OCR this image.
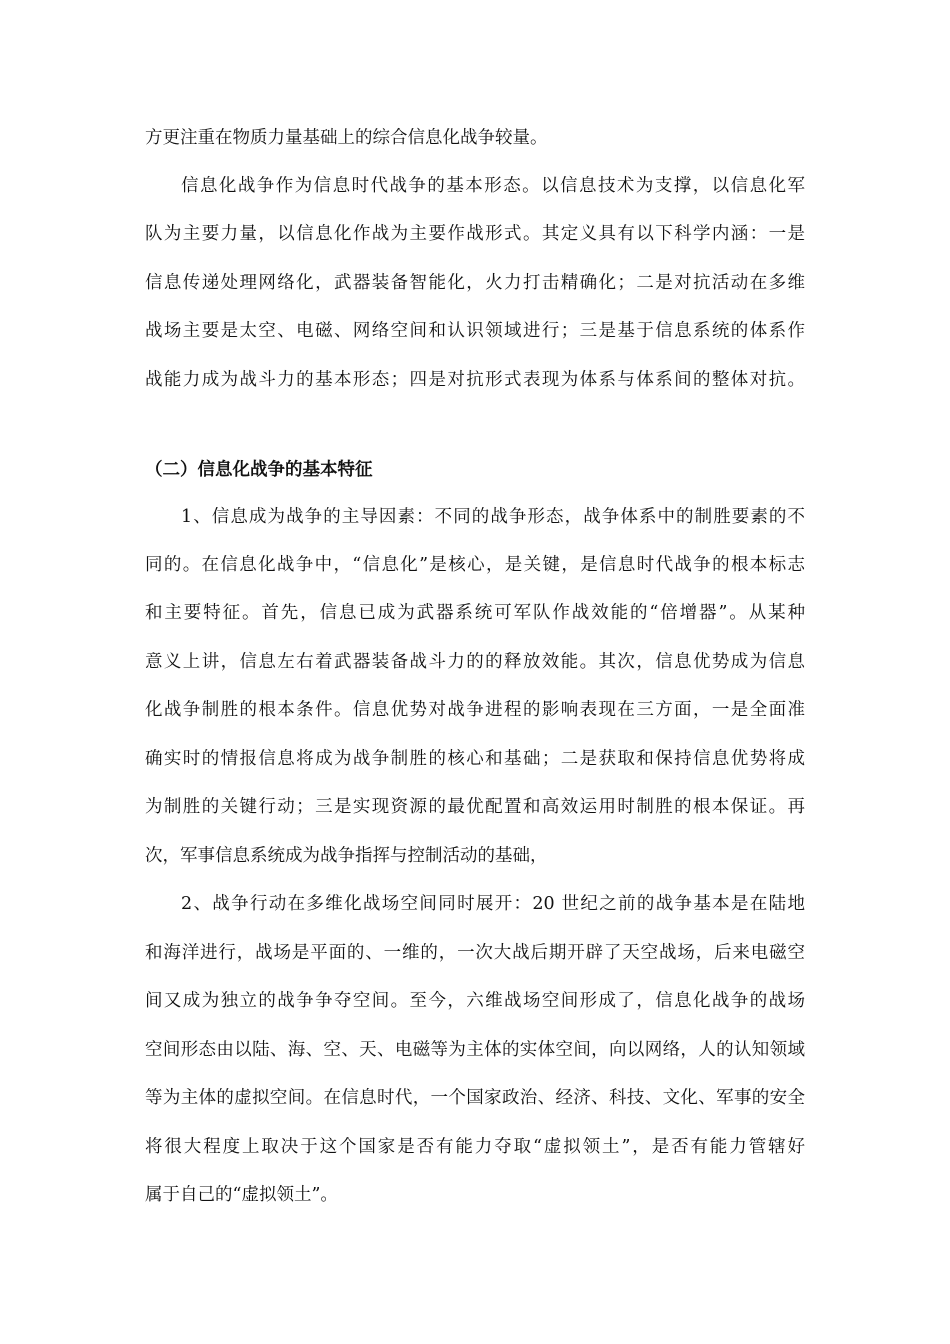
方更注重在物质力量基础上的综合信息化战争较量。
信息化战争作为信息时代战争的基本形态。以信息技术为支撑，以信息化军
队为主要力量，以信息化作战为主要作战形式。其定义具有以下科学内涵：一是
信息传递处理网络化，武器装备智能化，火力打击精确化；二是对抗活动在多维
战场主要是太空、电磁、网络空间和认识领域进行；三是基于信息系统的体系作
战能力成为战斗力的基本形态；四是对抗形式表现为体系与体系间的整体对抗。
（二）信息化战争的基本特征
1、信息成为战争的主导因素：不同的战争形态，战争体系中的制胜要素的不
同的。在信息化战争中，“信息化”是核心，是关键，是信息时代战争的根本标志
和主要特征。首先，信息已成为武器系统可军队作战效能的“倍增器”。从某种
意义上讲，信息左右着武器装备战斗力的的释放效能。其次，信息优势成为信息
化战争制胜的根本条件。信息优势对战争进程的影响表现在三方面，一是全面准
确实时的情报信息将成为战争制胜的核心和基础；二是获取和保持信息优势将成
为制胜的关键行动；三是实现资源的最优配置和高效运用时制胜的根本保证。再
次，军事信息系统成为战争指挥与控制活动的基础，
2、战争行动在多维化战场空间同时展开：20 世纪之前的战争基本是在陆地
和海洋进行，战场是平面的、一维的，一次大战后期开辟了天空战场，后来电磁空
间又成为独立的战争争夺空间。至今，六维战场空间形成了，信息化战争的战场
空间形态由以陆、海、空、天、电磁等为主体的实体空间，向以网络，人的认知领域
等为主体的虚拟空间。在信息时代，一个国家政治、经济、科技、文化、军事的安全
将很大程度上取决于这个国家是否有能力夺取“虚拟领土”，是否有能力管辖好
属于自己的“虚拟领土”。
